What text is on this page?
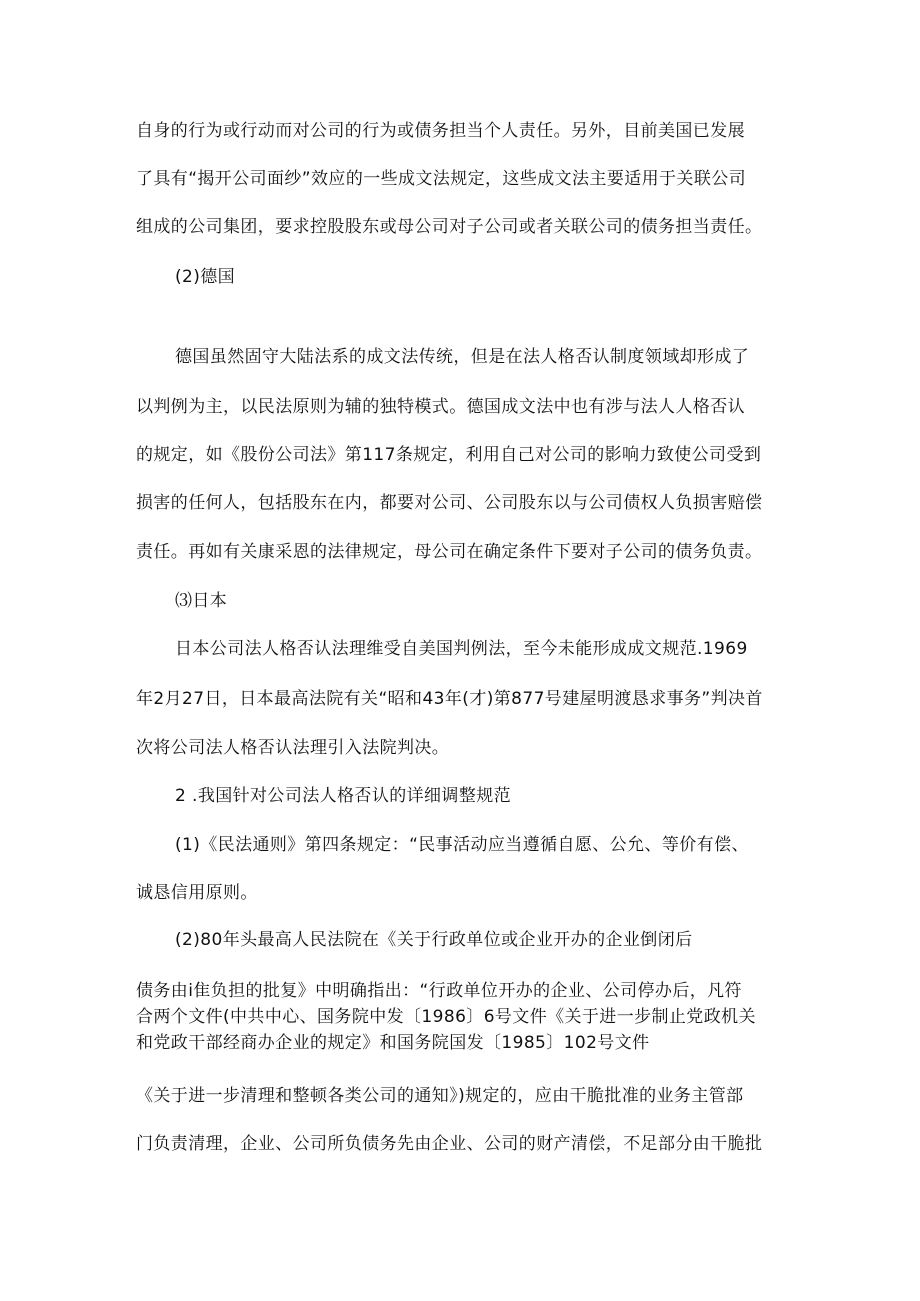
自身的行为或行动而对公司的行为或债务担当个人责任。另外，目前美国已发展
了具有“揭开公司面纱”效应的一些成文法规定，这些成文法主要适用于关联公司
组成的公司集团，要求控股股东或母公司对子公司或者关联公司的债务担当责任。
(2)德国
德国虽然固守大陆法系的成文法传统，但是在法人格否认制度领域却形成了
以判例为主，以民法原则为辅的独特模式。德国成文法中也有涉与法人人格否认
的规定，如《股份公司法》第117条规定，利用自己对公司的影响力致使公司受到
损害的任何人，包括股东在内，都要对公司、公司股东以与公司债权人负损害赔偿
责任。再如有关康采恩的法律规定，母公司在确定条件下要对子公司的债务负责。
⑶日本
日本公司法人格否认法理维受自美国判例法，至今未能形成成文规范.1969
年2月27日，日本最高法院有关“昭和43年(才)第877号建屋明渡恳求事务”判决首
次将公司法人格否认法理引入法院判决。
2 .我国针对公司法人格否认的详细调整规范
(1)《民法通则》第四条规定：“民事活动应当遵循自愿、公允、等价有偿、
诚恳信用原则。
(2)80年头最高人民法院在《关于行政单位或企业开办的企业倒闭后
债务由i隹负担的批复》中明确指出：“行政单位开办的企业、公司停办后，凡符
合两个文件(中共中心、国务院中发〔1986〕6号文件《关于进一步制止党政机关
和党政干部经商办企业的规定》和国务院国发〔1985〕102号文件
《关于进一步清理和整顿各类公司的通知》)规定的，应由干脆批准的业务主管部
门负责清理，企业、公司所负债务先由企业、公司的财产清偿，不足部分由干脆批
